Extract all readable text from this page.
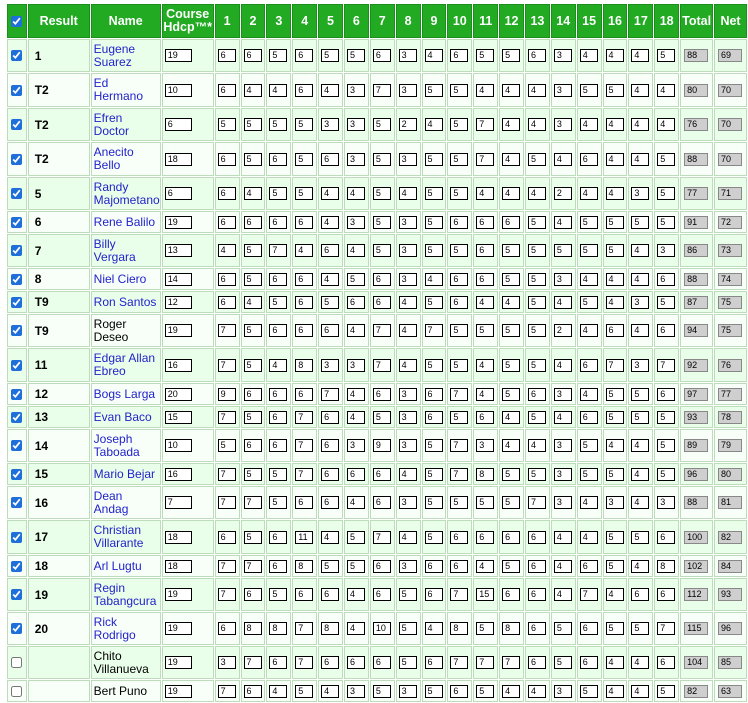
	Result	Name	Course
Hdcp™*	1	2	3	4	5	6	7	8	9	10	11	12	13	14	15	16	17	18	Total	Net
	1	Eugene
Suarez	19	6	6	5	6	5	5	6	3	4	6	5	5	6	3	4	4	4	5	88	69
	T2	Ed
Hermano	10	6	4	4	6	4	3	7	3	5	5	4	4	4	3	5	5	4	4	80	70
	T2	Efren
Doctor	6	5	5	5	5	3	3	5	2	4	5	7	4	4	3	4	4	4	4	76	70
	T2	Anecito
Bello	18	6	5	6	5	6	3	5	3	5	5	7	4	5	4	6	4	4	5	88	70
	5	Randy
Majometano	6	6	4	5	5	4	4	5	4	5	5	4	4	4	2	4	4	3	5	77	71
	6	Rene Balilo	19	6	6	6	6	4	3	5	3	5	6	6	6	5	4	5	5	5	5	91	72
	7	Billy
Vergara	13	4	5	7	4	6	4	5	3	5	5	6	5	5	5	5	5	4	3	86	73
	8	Niel Ciero	14	6	5	6	6	4	5	6	3	4	6	6	5	5	3	4	4	4	6	88	74
	T9	Ron Santos	12	6	4	5	6	5	6	6	4	5	6	4	4	5	4	5	4	3	5	87	75
	T9	Roger
Deseo	19	7	5	6	6	6	4	7	4	7	5	5	5	5	2	4	6	4	6	94	75
	11	Edgar Allan
Ebreo	16	7	5	4	8	3	3	7	4	5	5	4	5	5	4	6	7	3	7	92	76
	12	Bogs Larga	20	9	6	6	6	7	4	6	3	6	7	4	5	6	3	4	5	5	6	97	77
	13	Evan Baco	15	7	5	6	7	6	4	5	3	6	5	6	4	5	4	6	5	5	5	93	78
	14	Joseph
Taboada	10	5	6	6	7	6	3	9	3	5	7	3	4	4	3	5	4	4	5	89	79
	15	Mario Bejar	16	7	5	5	7	6	6	6	4	5	7	8	5	5	3	5	5	4	5	96	80
	16	Dean
Andag	7	7	7	5	6	6	4	6	3	5	5	5	5	7	3	4	3	4	3	88	81
	17	Christian
Villarante	18	6	5	6	11	4	5	7	4	5	6	6	6	6	4	4	5	5	6	100	82
	18	Arl Lugtu	18	7	7	6	8	5	5	6	3	6	6	4	5	6	4	6	5	4	8	102	84
	19	Regin
Tabangcura	19	7	6	5	6	6	4	6	5	6	7	15	6	6	4	7	4	6	6	112	93
	20	Rick
Rodrigo	19	6	8	8	7	8	4	10	5	4	8	5	8	6	5	6	5	5	7	115	96
		Chito
Villanueva	19	3	7	6	7	6	6	6	5	6	7	7	7	6	5	6	4	4	6	104	85
		Bert Puno	19	7	6	4	5	4	3	5	3	5	6	5	4	4	3	5	4	4	5	82	63
